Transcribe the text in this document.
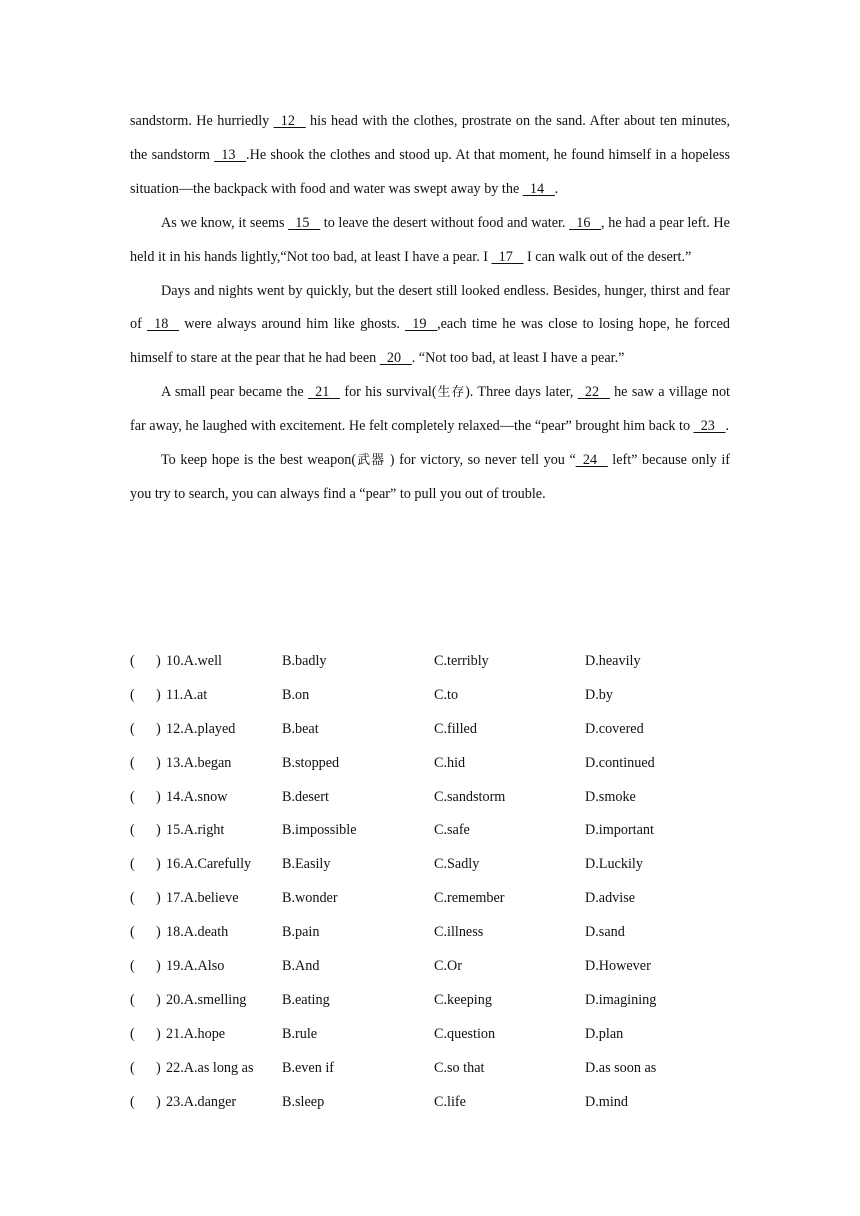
sandstorm. He hurriedly   12    his head with the clothes, prostrate on the sand. After about ten minutes, the sandstorm   13 .He shook the clothes and stood up. At that moment, he found himself in a hopeless situation—the backpack with food and water was swept away by the   14 .

As we know, it seems   15    to leave the desert without food and water.   16 , he had a pear left. He held it in his hands lightly,“Not too bad, at least I have a pear. I   17    I can walk out of the desert.”

Days and nights went by quickly, but the desert still looked endless. Besides, hunger, thirst and fear of   18    were always around him like ghosts.   19 ,each time he was close to losing hope, he forced himself to stare at the pear that he had been   20 . “Not too bad, at least I have a pear.”

A small pear became the   21    for his survival(生存). Three days later,   22    he saw a village not far away, he laughed with excitement. He felt completely relaxed—the “pear” brought him back to   23 .

To keep hope is the best weapon(武器 ) for victory, so never tell you “ 24    left” because only if you try to search, you can always find a “pear” to pull you out of trouble.

(      ) 10.A.well	B.badly	C.terribly	D.heavily
(      ) 11.A.at	B.on	C.to	D.by
(      ) 12.A.played	B.beat	C.filled	D.covered
(      ) 13.A.began	B.stopped	C.hid	D.continued
(      ) 14.A.snow	B.desert	C.sandstorm	D.smoke
(      ) 15.A.right	B.impossible	C.safe	D.important
(      ) 16.A.Carefully B.Easily	C.Sadly	D.Luckily
(      ) 17.A.believe	B.wonder	C.remember	D.advise
(      ) 18.A.death	B.pain	C.illness	D.sand
(      ) 19.A.Also	B.And	C.Or	D.However
(      ) 20.A.smelling	B.eating	C.keeping	D.imagining
(      ) 21.A.hope	B.rule	C.question	D.plan
(      ) 22.A.as long as B.even if	C.so that	D.as soon as
(      ) 23.A.danger	B.sleep	C.life	D.mind
